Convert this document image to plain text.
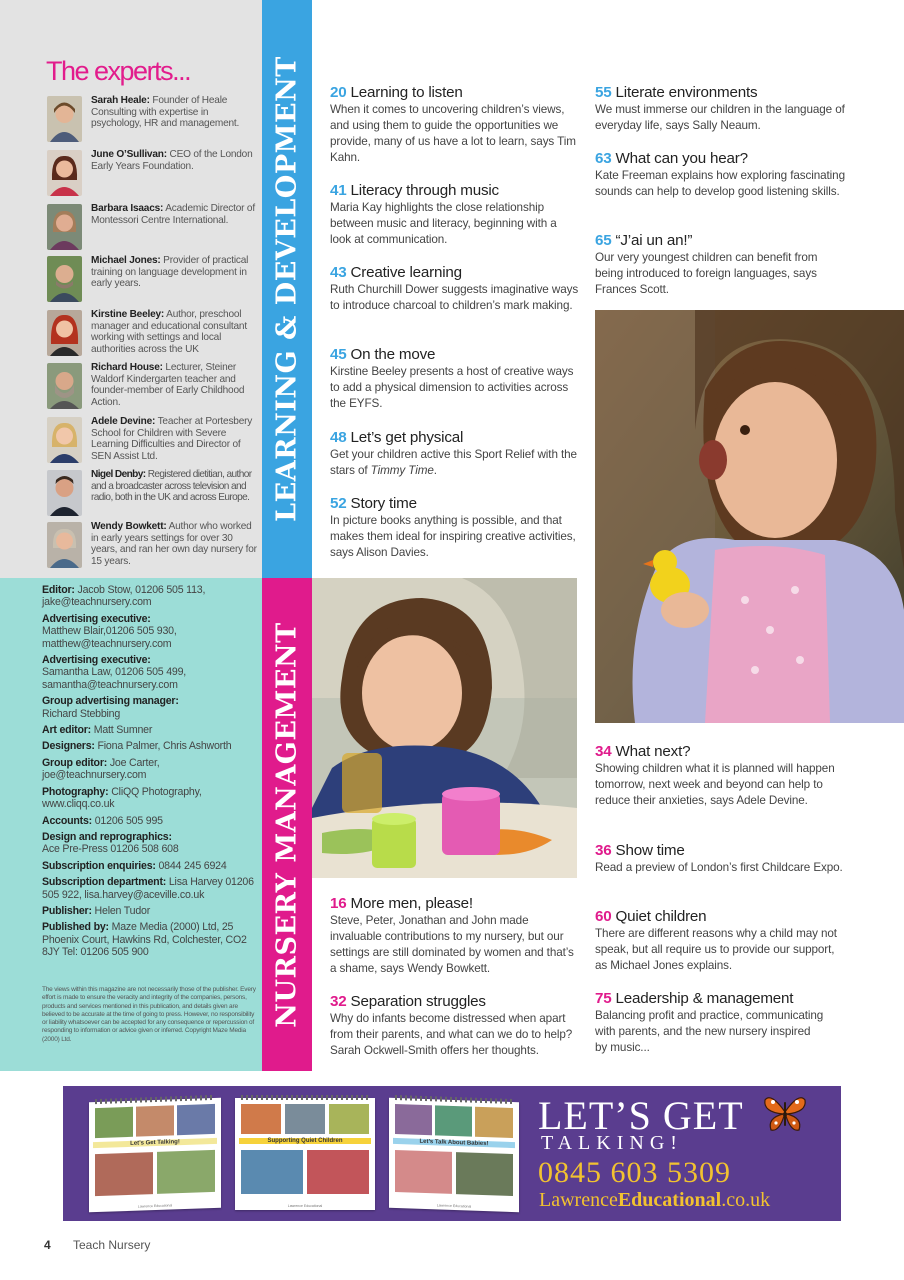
The experts...
Sarah Heale: Founder of Heale Consulting with expertise in psychology, HR and management.
June O’Sullivan: CEO of the London Early Years Foundation.
Barbara Isaacs: Academic Director of Montessori Centre International.
Michael Jones: Provider of practical training on language development in early years.
Kirstine Beeley: Author, preschool manager and educational consultant working with settings and local authorities across the UK
Richard House: Lecturer, Steiner Waldorf Kindergarten teacher and founder-member of Early Childhood Action.
Adele Devine: Teacher at Portesbery School for Children with Severe Learning Difficulties and Director of SEN Assist Ltd.
Nigel Denby: Registered dietitian, author and a broadcaster across television and radio, both in the UK and across Europe.
Wendy Bowkett: Author who worked in early years settings for over 30 years, and ran her own day nursery for 15 years.
Editor: Jacob Stow, 01206 505 113, jake@teachnursery.com
Advertising executive:
Matthew Blair,01206 505 930, matthew@teachnursery.com
Advertising executive:
Samantha Law, 01206 505 499, samantha@teachnursery.com
Group advertising manager:
Richard Stebbing
Art editor: Matt Sumner
Designers: Fiona Palmer, Chris Ashworth
Group editor: Joe Carter, joe@teachnursery.com
Photography: CliQQ Photography, www.cliqq.co.uk
Accounts: 01206 505 995
Design and reprographics:
Ace Pre-Press 01206 508 608
Subscription enquiries: 0844 245 6924
Subscription department: Lisa Harvey 01206 505 922, lisa.harvey@aceville.co.uk
Publisher: Helen Tudor
Published by: Maze Media (2000) Ltd, 25 Phoenix Court, Hawkins Rd, Colchester, CO2 8JY Tel: 01206 505 900
The views within this magazine are not necessarily those of the publisher. Every effort is made to ensure the veracity and integrity of the companies, persons, products and services mentioned in this publication, and details given are believed to be accurate at the time of going to press. However, no responsibility or liability whatsoever can be accepted for any consequence or repercussion of responding to information or advice given or inferred. Copyright Maze Media (2000) Ltd.
LEARNING & DEVELOPMENT
NURSERY MANAGEMENT
20 Learning to listen
When it comes to uncovering children’s views, and using them to guide the opportunities we provide, many of us have a lot to learn, says Tim Kahn.
41 Literacy through music
Maria Kay highlights the close relationship between music and literacy, beginning with a look at communication.
43 Creative learning
Ruth Churchill Dower suggests imaginative ways to introduce charcoal to children’s mark making.
45 On the move
Kirstine Beeley presents a host of creative ways to add a physical dimension to activities across the EYFS.
48 Let’s get physical
Get your children active this Sport Relief with the stars of Timmy Time.
52 Story time
In picture books anything is possible, and that makes them ideal for inspiring creative activities, says Alison Davies.
55 Literate environments
We must immerse our children in the language of everyday life, says Sally Neaum.
63 What can you hear?
Kate Freeman explains how exploring fascinating sounds can help to develop good listening skills.
65 “J’ai un an!”
Our very youngest children can benefit from being introduced to foreign languages, says Frances Scott.
16 More men, please!
Steve, Peter, Jonathan and John made invaluable contributions to my nursery, but our settings are still dominated by women and that’s a shame, says Wendy Bowkett.
32 Separation struggles
Why do infants become distressed when apart from their parents, and what can we do to help? Sarah Ockwell-Smith offers her thoughts.
34 What next?
Showing children what it is planned will happen tomorrow, next week and beyond can help to reduce their anxieties, says Adele Devine.
36 Show time
Read a preview of London’s first Childcare Expo.
60 Quiet children
There are different reasons why a child may not speak, but all require us to provide our support, as Michael Jones explains.
75 Leadership & management
Balancing profit and practice, communicating with parents, and the new nursery inspired by music...
Let’s Get Talking!
Lawrence Educational
Supporting Quiet Children
Lawrence Educational
Let’s Talk About Babies!
Lawrence Educational
LET’S GET
TALKING!
0845 603 5309
LawrenceEducational.co.uk
4 Teach Nursery
